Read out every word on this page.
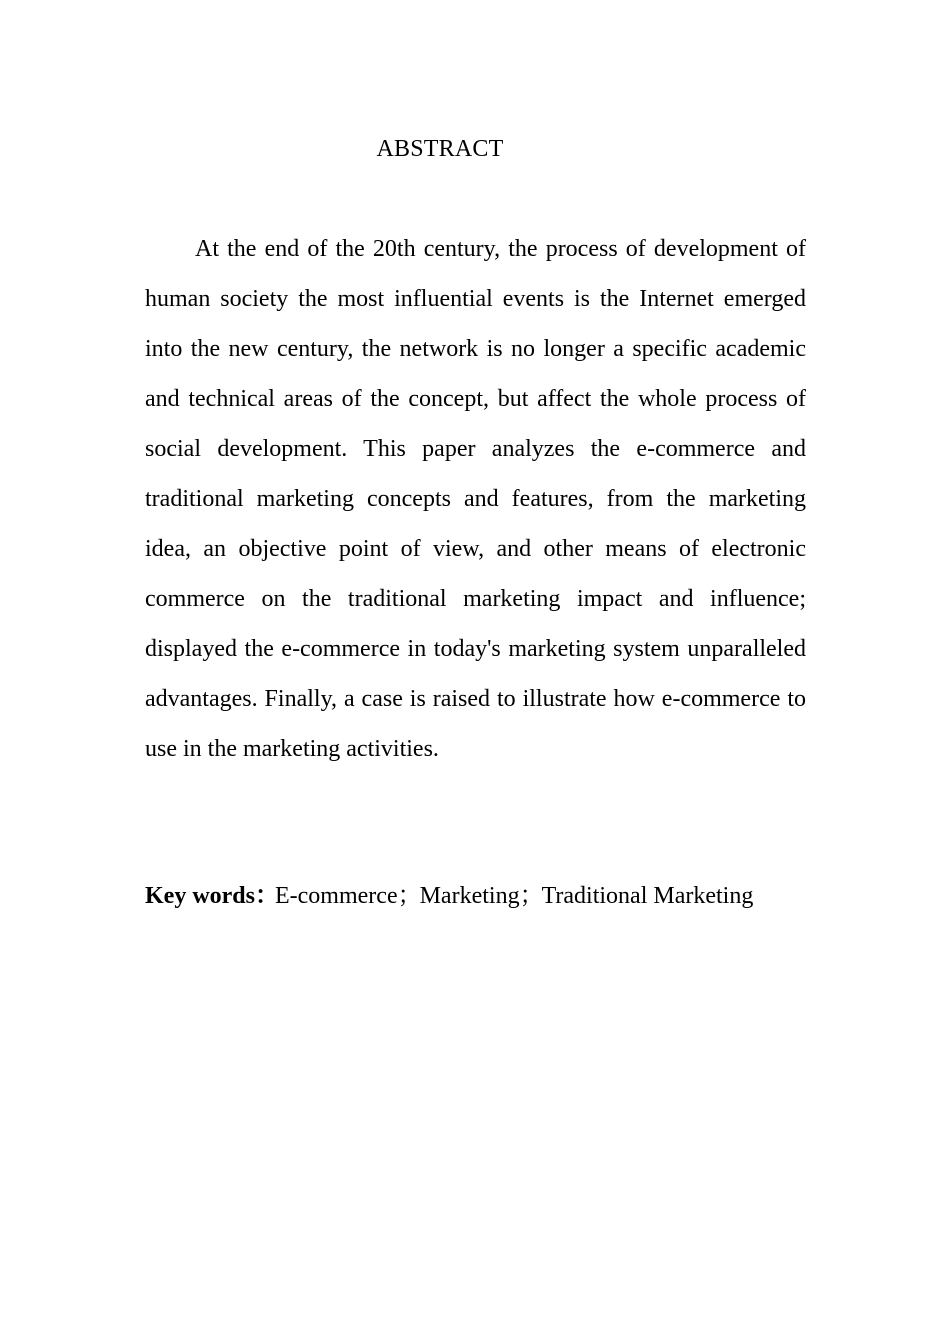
ABSTRACT

At the end of the 20th century, the process of development of human society the most influential events is the Internet emerged into the new century, the network is no longer a specific academic and technical areas of the concept, but affect the whole process of social development. This paper analyzes the e-commerce and traditional marketing concepts and features, from the marketing idea, an objective point of view, and other means of electronic commerce on the traditional marketing impact and influence; displayed the e-commerce in today's marketing system unparalleled advantages. Finally, a case is raised to illustrate how e-commerce to use in the marketing activities.

Key words：E-commerce；Marketing；Traditional Marketing
